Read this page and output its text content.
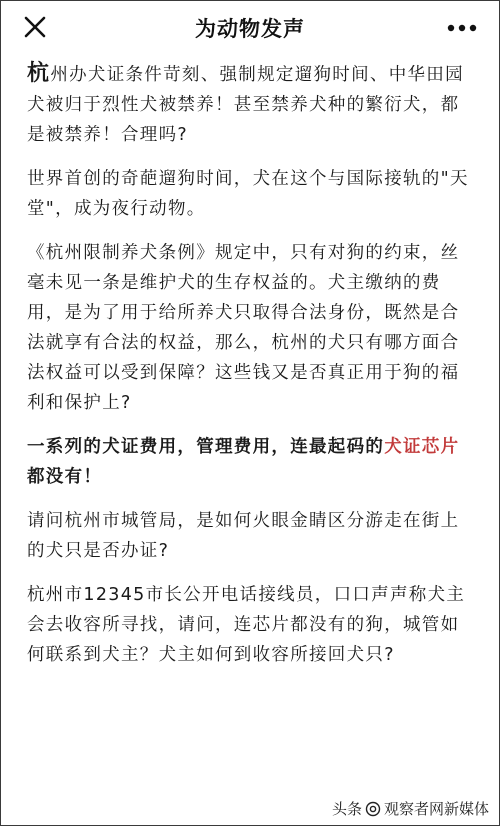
为动物发声

杭州办犬证条件苛刻、强制规定遛狗时间、中华田园犬被归于烈性犬被禁养！甚至禁养犬种的繁衍犬，都是被禁养！合理吗?

世界首创的奇葩遛狗时间，犬在这个与国际接轨的"天堂"，成为夜行动物。

《杭州限制养犬条例》规定中，只有对狗的约束，丝毫未见一条是维护犬的生存权益的。犬主缴纳的费用，是为了用于给所养犬只取得合法身份，既然是合法就享有合法的权益，那么，杭州的犬只有哪方面合法权益可以受到保障？这些钱又是否真正用于狗的福利和保护上?

一系列的犬证费用，管理费用，连最起码的犬证芯片都没有！

请问杭州市城管局，是如何火眼金睛区分游走在街上的犬只是否办证?

杭州市12345市长公开电话接线员，口口声声称犬主会去收容所寻找，请问，连芯片都没有的狗，城管如何联系到犬主？犬主如何到收容所接回犬只?

头条 观察者网新媒体
